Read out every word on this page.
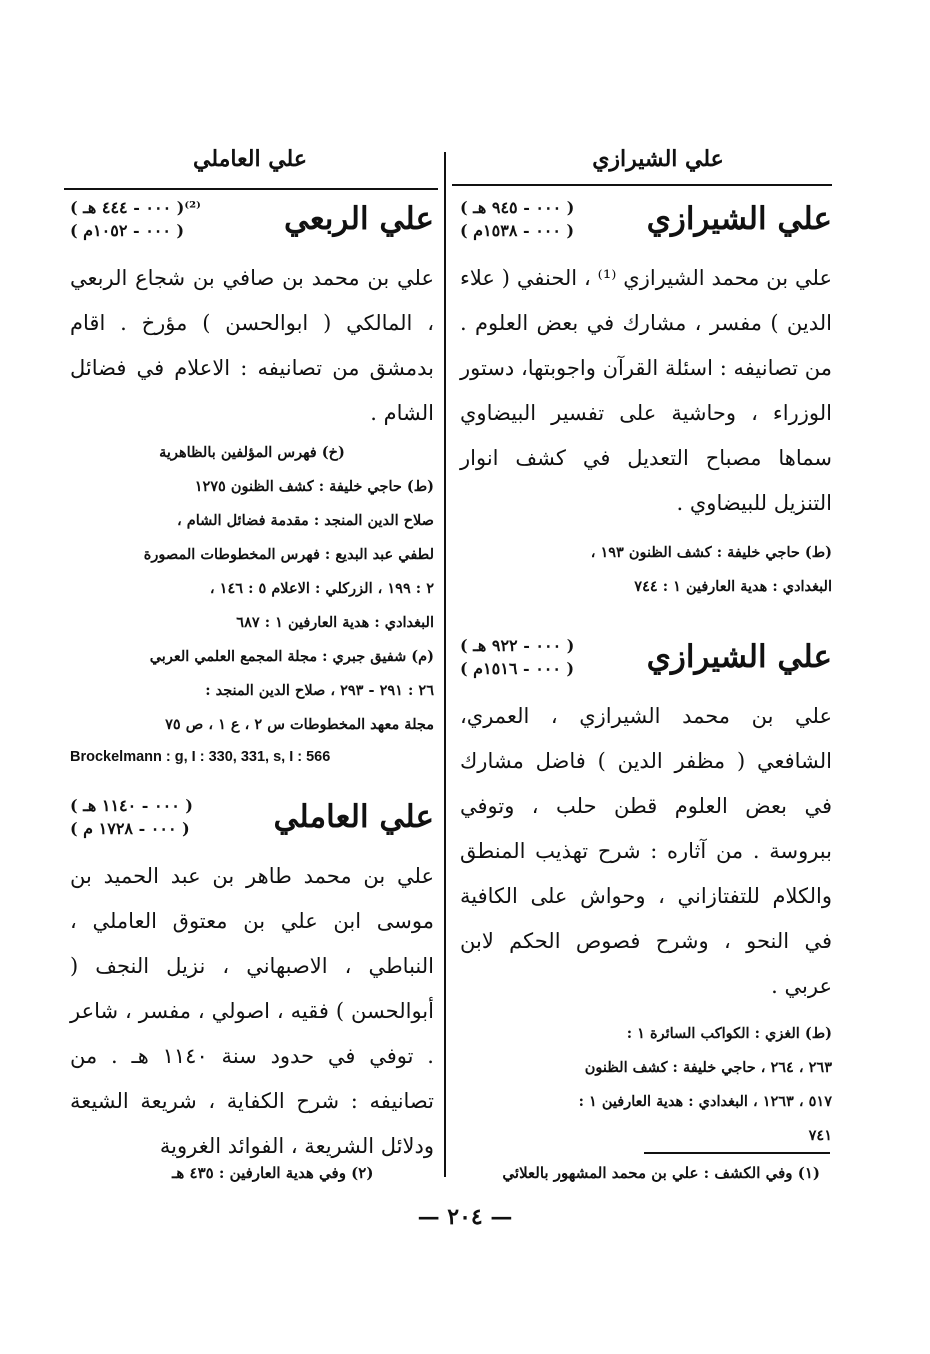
علي الشيرازي
علي العاملي
علي الشيرازي
( ٠٠٠ - ٩٤٥ هـ )
( ٠٠٠ - ١٥٣٨م )

علي بن محمد الشيرازي ⁽¹⁾ ، الحنفي ( علاء الدين ) مفسر ، مشارك في بعض العلوم . من تصانيفه : اسئلة القرآن واجوبتها، دستور الوزراء ، وحاشية على تفسير البيضاوي سماها مصباح التعديل في كشف انوار التنزيل للبيضاوي .

(ط) حاجي خليفة : كشف الظنون ١٩٣ ،

البغدادي : هدية العارفين ١ : ٧٤٤

علي الشيرازي
( ٠٠٠ - ٩٢٢ هـ )
( ٠٠٠ - ١٥١٦م )

علي بن محمد الشيرازي ، العمري، الشافعي ( مظفر الدين ) فاضل مشارك في بعض العلوم قطن حلب ، وتوفي ببروسة . من آثاره : شرح تهذيب المنطق والكلام للتفتازاني ، وحواش على الكافية في النحو ، وشرح فصوص الحكم لابن عربي .

(ط) الغزي : الكواكب السائرة ١ :

٢٦٣ ، ٢٦٤ ، حاجي خليفة : كشف الظنون

٥١٧ ، ١٢٦٣ ، البغدادي : هدية العارفين ١ :

٧٤١

علي الربعي
( ٠٠٠ - ٤٤٤ هـ )⁽²⁾
( ٠٠٠ - ١٠٥٢م )

علي بن محمد بن صافي بن شجاع الربعي ، المالكي ( ابوالحسن ) مؤرخ . اقام بدمشق من تصانيفه : الاعلام في فضائل الشام .

(خ) فهرس المؤلفين بالظاهرية

(ط) حاجي خليفة : كشف الظنون ١٢٧٥

صلاح الدين المنجد : مقدمة فضائل الشام ،

لطفي عبد البديع : فهرس المخطوطات المصورة

٢ : ١٩٩ ، الزركلي : الاعلام ٥ : ١٤٦ ،

البغدادي : هدية العارفين ١ : ٦٨٧

(م) شفيق جبري : مجلة المجمع العلمي العربي

٢٦ : ٢٩١ - ٢٩٣ ، صلاح الدين المنجد :

مجلة معهد المخطوطات س ٢ ، ع ١ ، ص ٧٥

Brockelmann : g, I : 330, 331, s, I : 566

علي العاملي
( ٠٠٠ - ١١٤٠ هـ )
( ٠٠٠ - ١٧٢٨ م )

علي بن محمد طاهر بن عبد الحميد بن موسى ابن علي بن معتوق العاملي ، النباطي ، الاصبهاني ، نزيل النجف ( أبوالحسن ) فقيه ، اصولي ، مفسر ، شاعر . توفي في حدود سنة ١١٤٠ هـ . من تصانيفه : شرح الكفاية ، شريعة الشيعة ودلائل الشريعة ، الفوائد الغروية

(١) وفي الكشف : علي بن محمد المشهور بالعلائي
(٢) وفي هدية العارفين : ٤٣٥ هـ
— ٢٠٤ —
